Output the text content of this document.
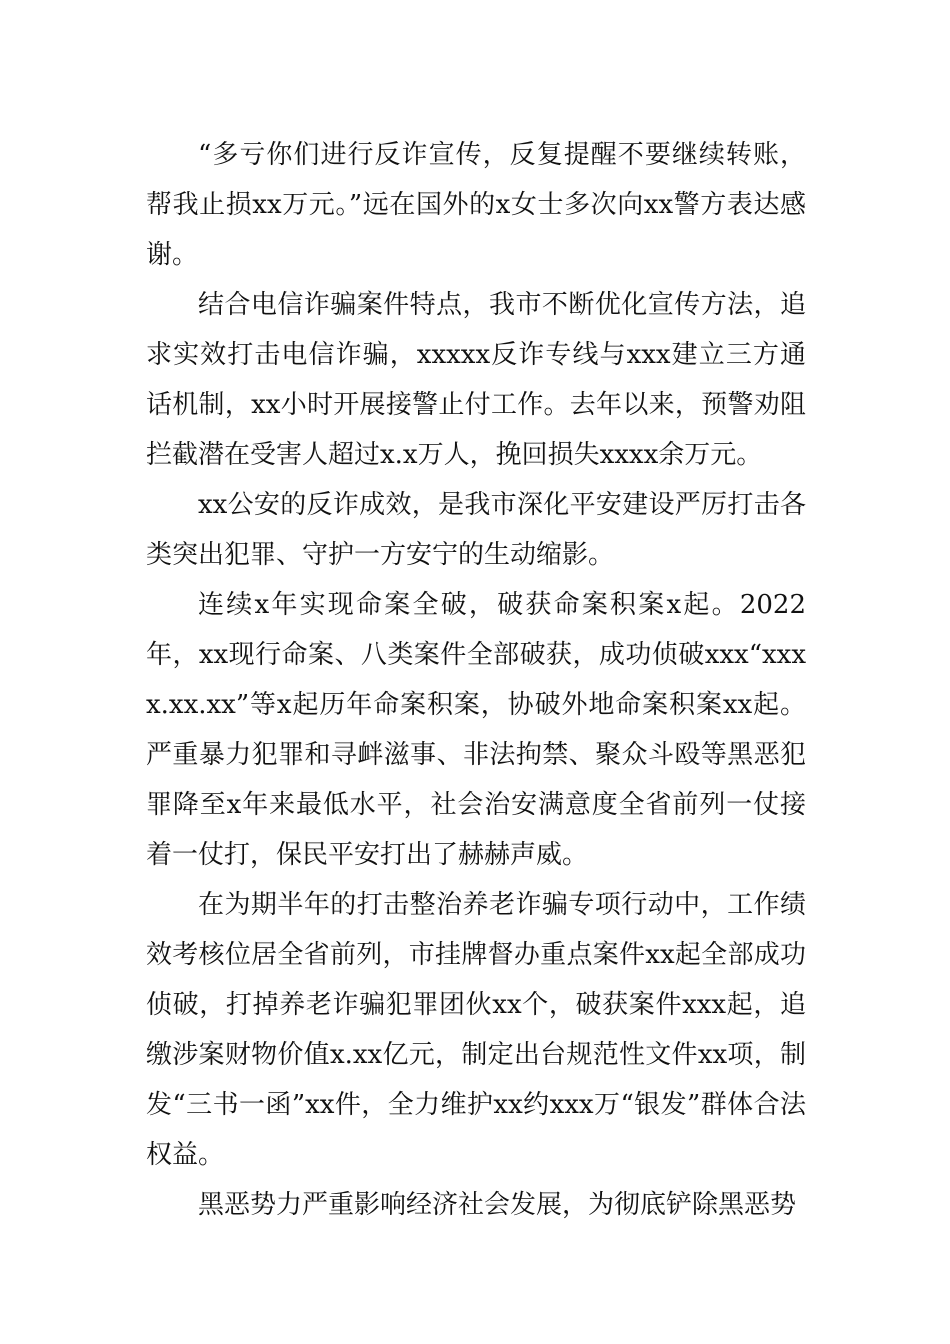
“多亏你们进行反诈宣传，反复提醒不要继续转账，帮我止损xx万元。”远在国外的x女士多次向xx警方表达感谢。

结合电信诈骗案件特点，我市不断优化宣传方法，追求实效打击电信诈骗，xxxxx反诈专线与xxx建立三方通话机制，xx小时开展接警止付工作。去年以来，预警劝阻拦截潜在受害人超过x.x万人，挽回损失xxxx余万元。

xx公安的反诈成效，是我市深化平安建设严厉打击各类突出犯罪、守护一方安宁的生动缩影。

连续x年实现命案全破，破获命案积案x起。2022年，xx现行命案、八类案件全部破获，成功侦破xxx“xxxx.xx.xx”等x起历年命案积案，协破外地命案积案xx起。严重暴力犯罪和寻衅滋事、非法拘禁、聚众斗殴等黑恶犯罪降至x年来最低水平，社会治安满意度全省前列一仗接着一仗打，保民平安打出了赫赫声威。

在为期半年的打击整治养老诈骗专项行动中，工作绩效考核位居全省前列，市挂牌督办重点案件xx起全部成功侦破，打掉养老诈骗犯罪团伙xx个，破获案件xxx起，追缴涉案财物价值x.xx亿元，制定出台规范性文件xx项，制发“三书一函”xx件，全力维护xx约xxx万“银发”群体合法权益。

黑恶势力严重影响经济社会发展，为彻底铲除黑恶势
